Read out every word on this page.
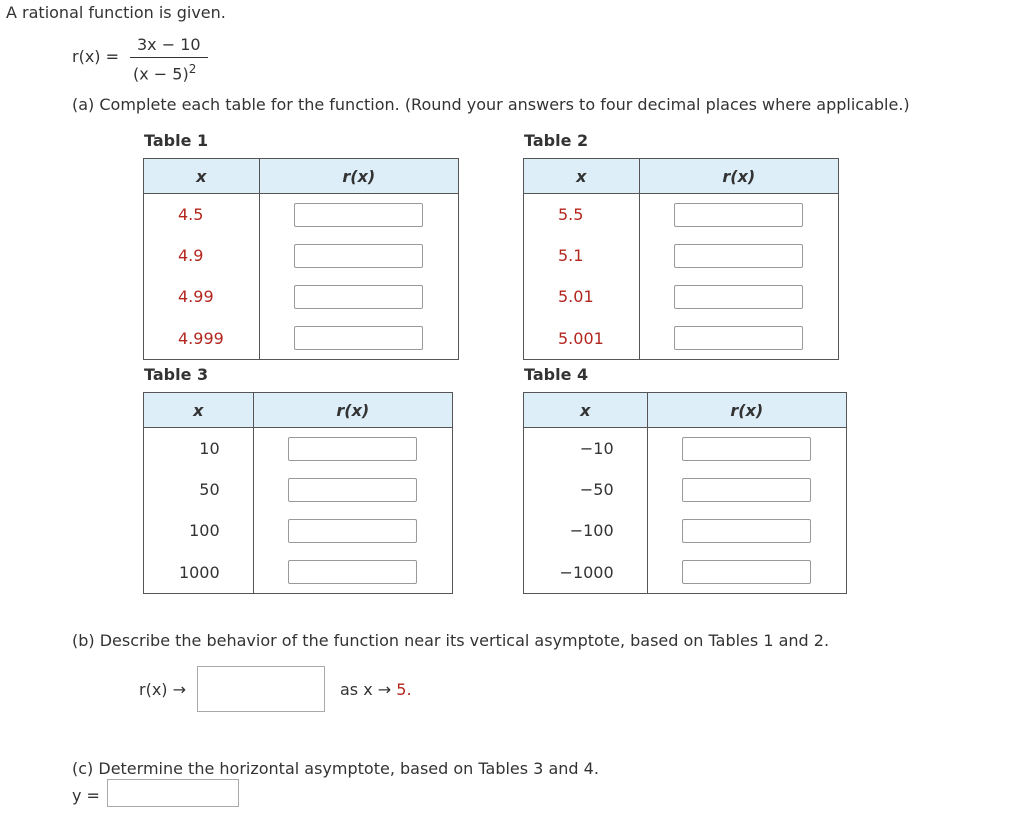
A rational function is given.
r(x) =
3x − 10
$(x - 5)^2$
(a) Complete each table for the function. (Round your answers to four decimal places where applicable.)
Table 1
x	r(x)
4.5	

4.9	

4.99	

4.999	
Table 2
x	r(x)
5.5	

5.1	

5.01	

5.001	
Table 3
x	r(x)
10	

50	

100	

1000	
Table 4
x	r(x)
−10	

−50	

−100	

−1000	
(b) Describe the behavior of the function near its vertical asymptote, based on Tables 1 and 2.
r(x) →	as x → 5.
(c) Determine the horizontal asymptote, based on Tables 3 and 4.
y =
